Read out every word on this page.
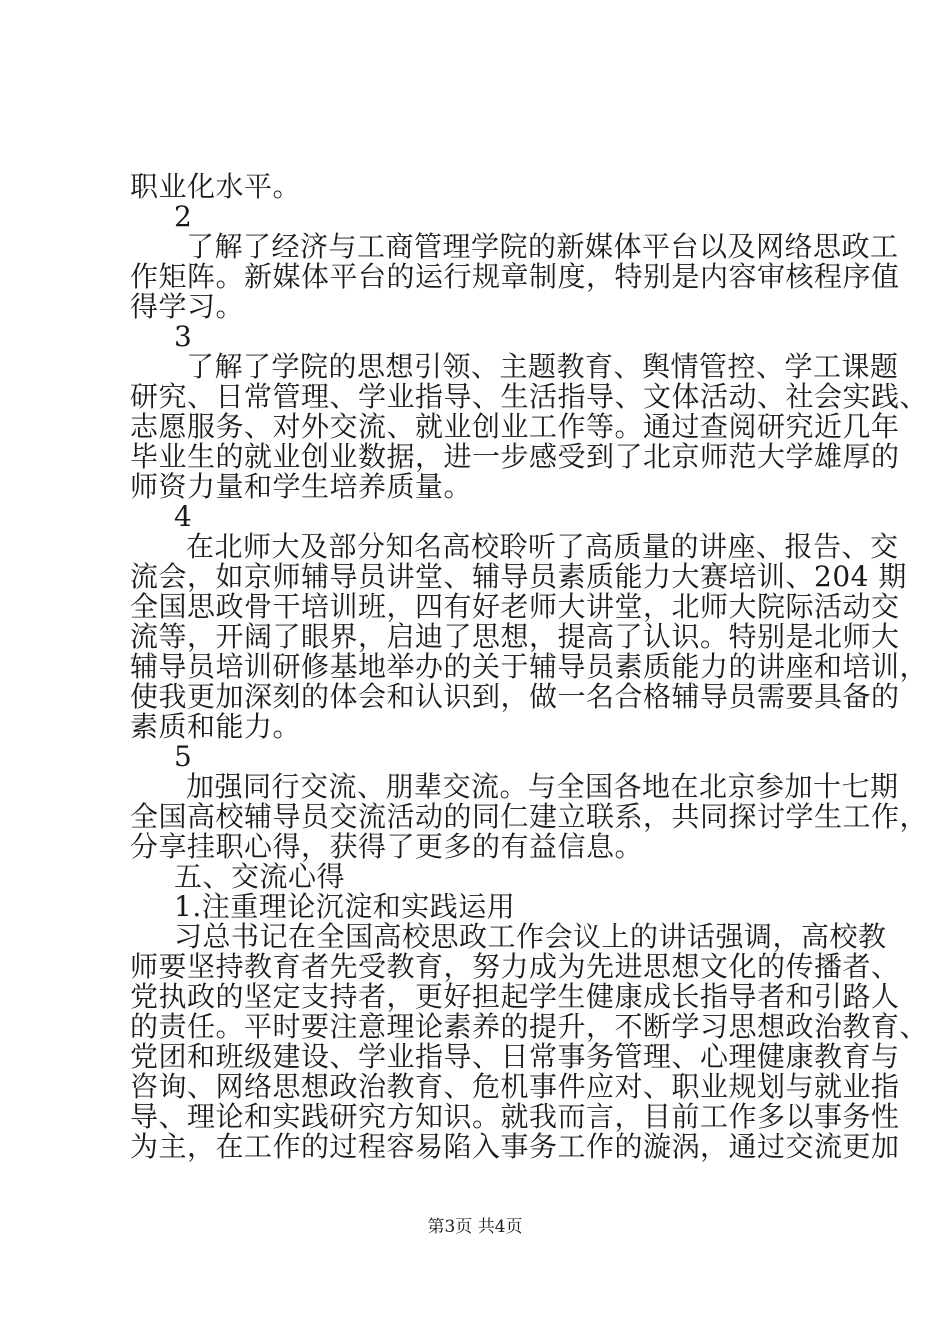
职业化水平。
2
了解了经济与工商管理学院的新媒体平台以及网络思政工
作矩阵。新媒体平台的运行规章制度，特别是内容审核程序值
得学习。
3
了解了学院的思想引领、主题教育、舆情管控、学工课题
研究、日常管理、学业指导、生活指导、文体活动、社会实践、
志愿服务、对外交流、就业创业工作等。通过查阅研究近几年
毕业生的就业创业数据，进一步感受到了北京师范大学雄厚的
师资力量和学生培养质量。
4
在北师大及部分知名高校聆听了高质量的讲座、报告、交
流会，如京师辅导员讲堂、辅导员素质能力大赛培训、204 期
全国思政骨干培训班，四有好老师大讲堂，北师大院际活动交
流等，开阔了眼界，启迪了思想，提高了认识。特别是北师大
辅导员培训研修基地举办的关于辅导员素质能力的讲座和培训，
使我更加深刻的体会和认识到，做一名合格辅导员需要具备的
素质和能力。
5
加强同行交流、朋辈交流。与全国各地在北京参加十七期
全国高校辅导员交流活动的同仁建立联系，共同探讨学生工作，
分享挂职心得，获得了更多的有益信息。
五、交流心得
1.注重理论沉淀和实践运用
习总书记在全国高校思政工作会议上的讲话强调，高校教
师要坚持教育者先受教育，努力成为先进思想文化的传播者、
党执政的坚定支持者，更好担起学生健康成长指导者和引路人
的责任。平时要注意理论素养的提升，不断学习思想政治教育、
党团和班级建设、学业指导、日常事务管理、心理健康教育与
咨询、网络思想政治教育、危机事件应对、职业规划与就业指
导、理论和实践研究方知识。就我而言，目前工作多以事务性
为主，在工作的过程容易陷入事务工作的漩涡，通过交流更加
第3页 共4页
